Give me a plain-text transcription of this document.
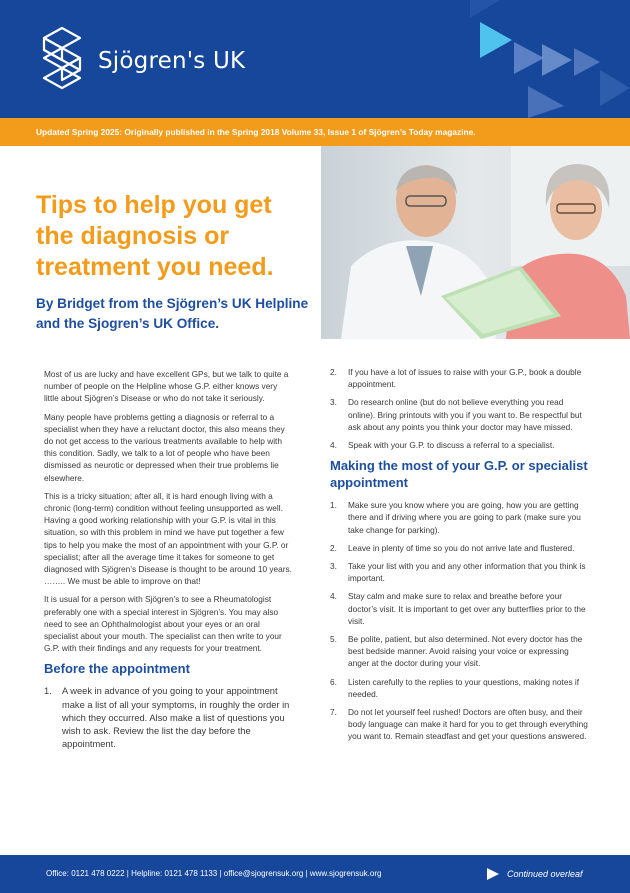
Sjögren's UK
Updated Spring 2025: Originally published in the Spring 2018 Volume 33, Issue 1 of Sjögren’s Today magazine.
Tips to help you get the diagnosis or treatment you need.
By Bridget from the Sjögren’s UK Helpline and the Sjogren’s UK Office.

Most of us are lucky and have excellent GPs, but we talk to quite a number of people on the Helpline whose G.P. either knows very little about Sjögren’s Disease or who do not take it seriously.

Many people have problems getting a diagnosis or referral to a specialist when they have a reluctant doctor, this also means they do not get access to the various treatments available to help with this condition. Sadly, we talk to a lot of people who have been dismissed as neurotic or depressed when their true problems lie elsewhere.

This is a tricky situation; after all, it is hard enough living with a chronic (long-term) condition without feeling unsupported as well. Having a good working relationship with your G.P. is vital in this situation, so with this problem in mind we have put together a few tips to help you make the most of an appointment with your G.P. or specialist; after all the average time it takes for someone to get diagnosed with Sjögren’s Disease is thought to be around 10 years. …….. We must be able to improve on that!

It is usual for a person with Sjögren’s to see a Rheumatologist preferably one with a special interest in Sjögren’s. You may also need to see an Ophthalmologist about your eyes or an oral specialist about your mouth. The specialist can then write to your G.P. with their findings and any requests for your treatment.

Before the appointment
1.	A week in advance of you going to your appointment make a list of all your symptoms, in roughly the order in which they occurred. Also make a list of questions you wish to ask. Review the list the day before the appointment.
2.	If you have a lot of issues to raise with your G.P., book a double appointment.
3.	Do research online (but do not believe everything you read online). Bring printouts with you if you want to. Be respectful but ask about any points you think your doctor may have missed.
4.	Speak with your G.P. to discuss a referral to a specialist.
Making the most of your G.P. or specialist appointment
1.	Make sure you know where you are going, how you are getting there and if driving where you are going to park (make sure you take change for parking).
2.	Leave in plenty of time so you do not arrive late and flustered.
3.	Take your list with you and any other information that you think is important.
4.	Stay calm and make sure to relax and breathe before your doctor’s visit. It is important to get over any butterflies prior to the visit.
5.	Be polite, patient, but also determined. Not every doctor has the best bedside manner. Avoid raising your voice or expressing anger at the doctor during your visit.
6.	Listen carefully to the replies to your questions, making notes if needed.
7.	Do not let yourself feel rushed! Doctors are often busy, and their body language can make it hard for you to get through everything you want to. Remain steadfast and get your questions answered.
Office: 0121 478 0222 | Helpline: 0121 478 1133 | office@sjogrensuk.org | www.sjogrensuk.org	Continued overleaf
